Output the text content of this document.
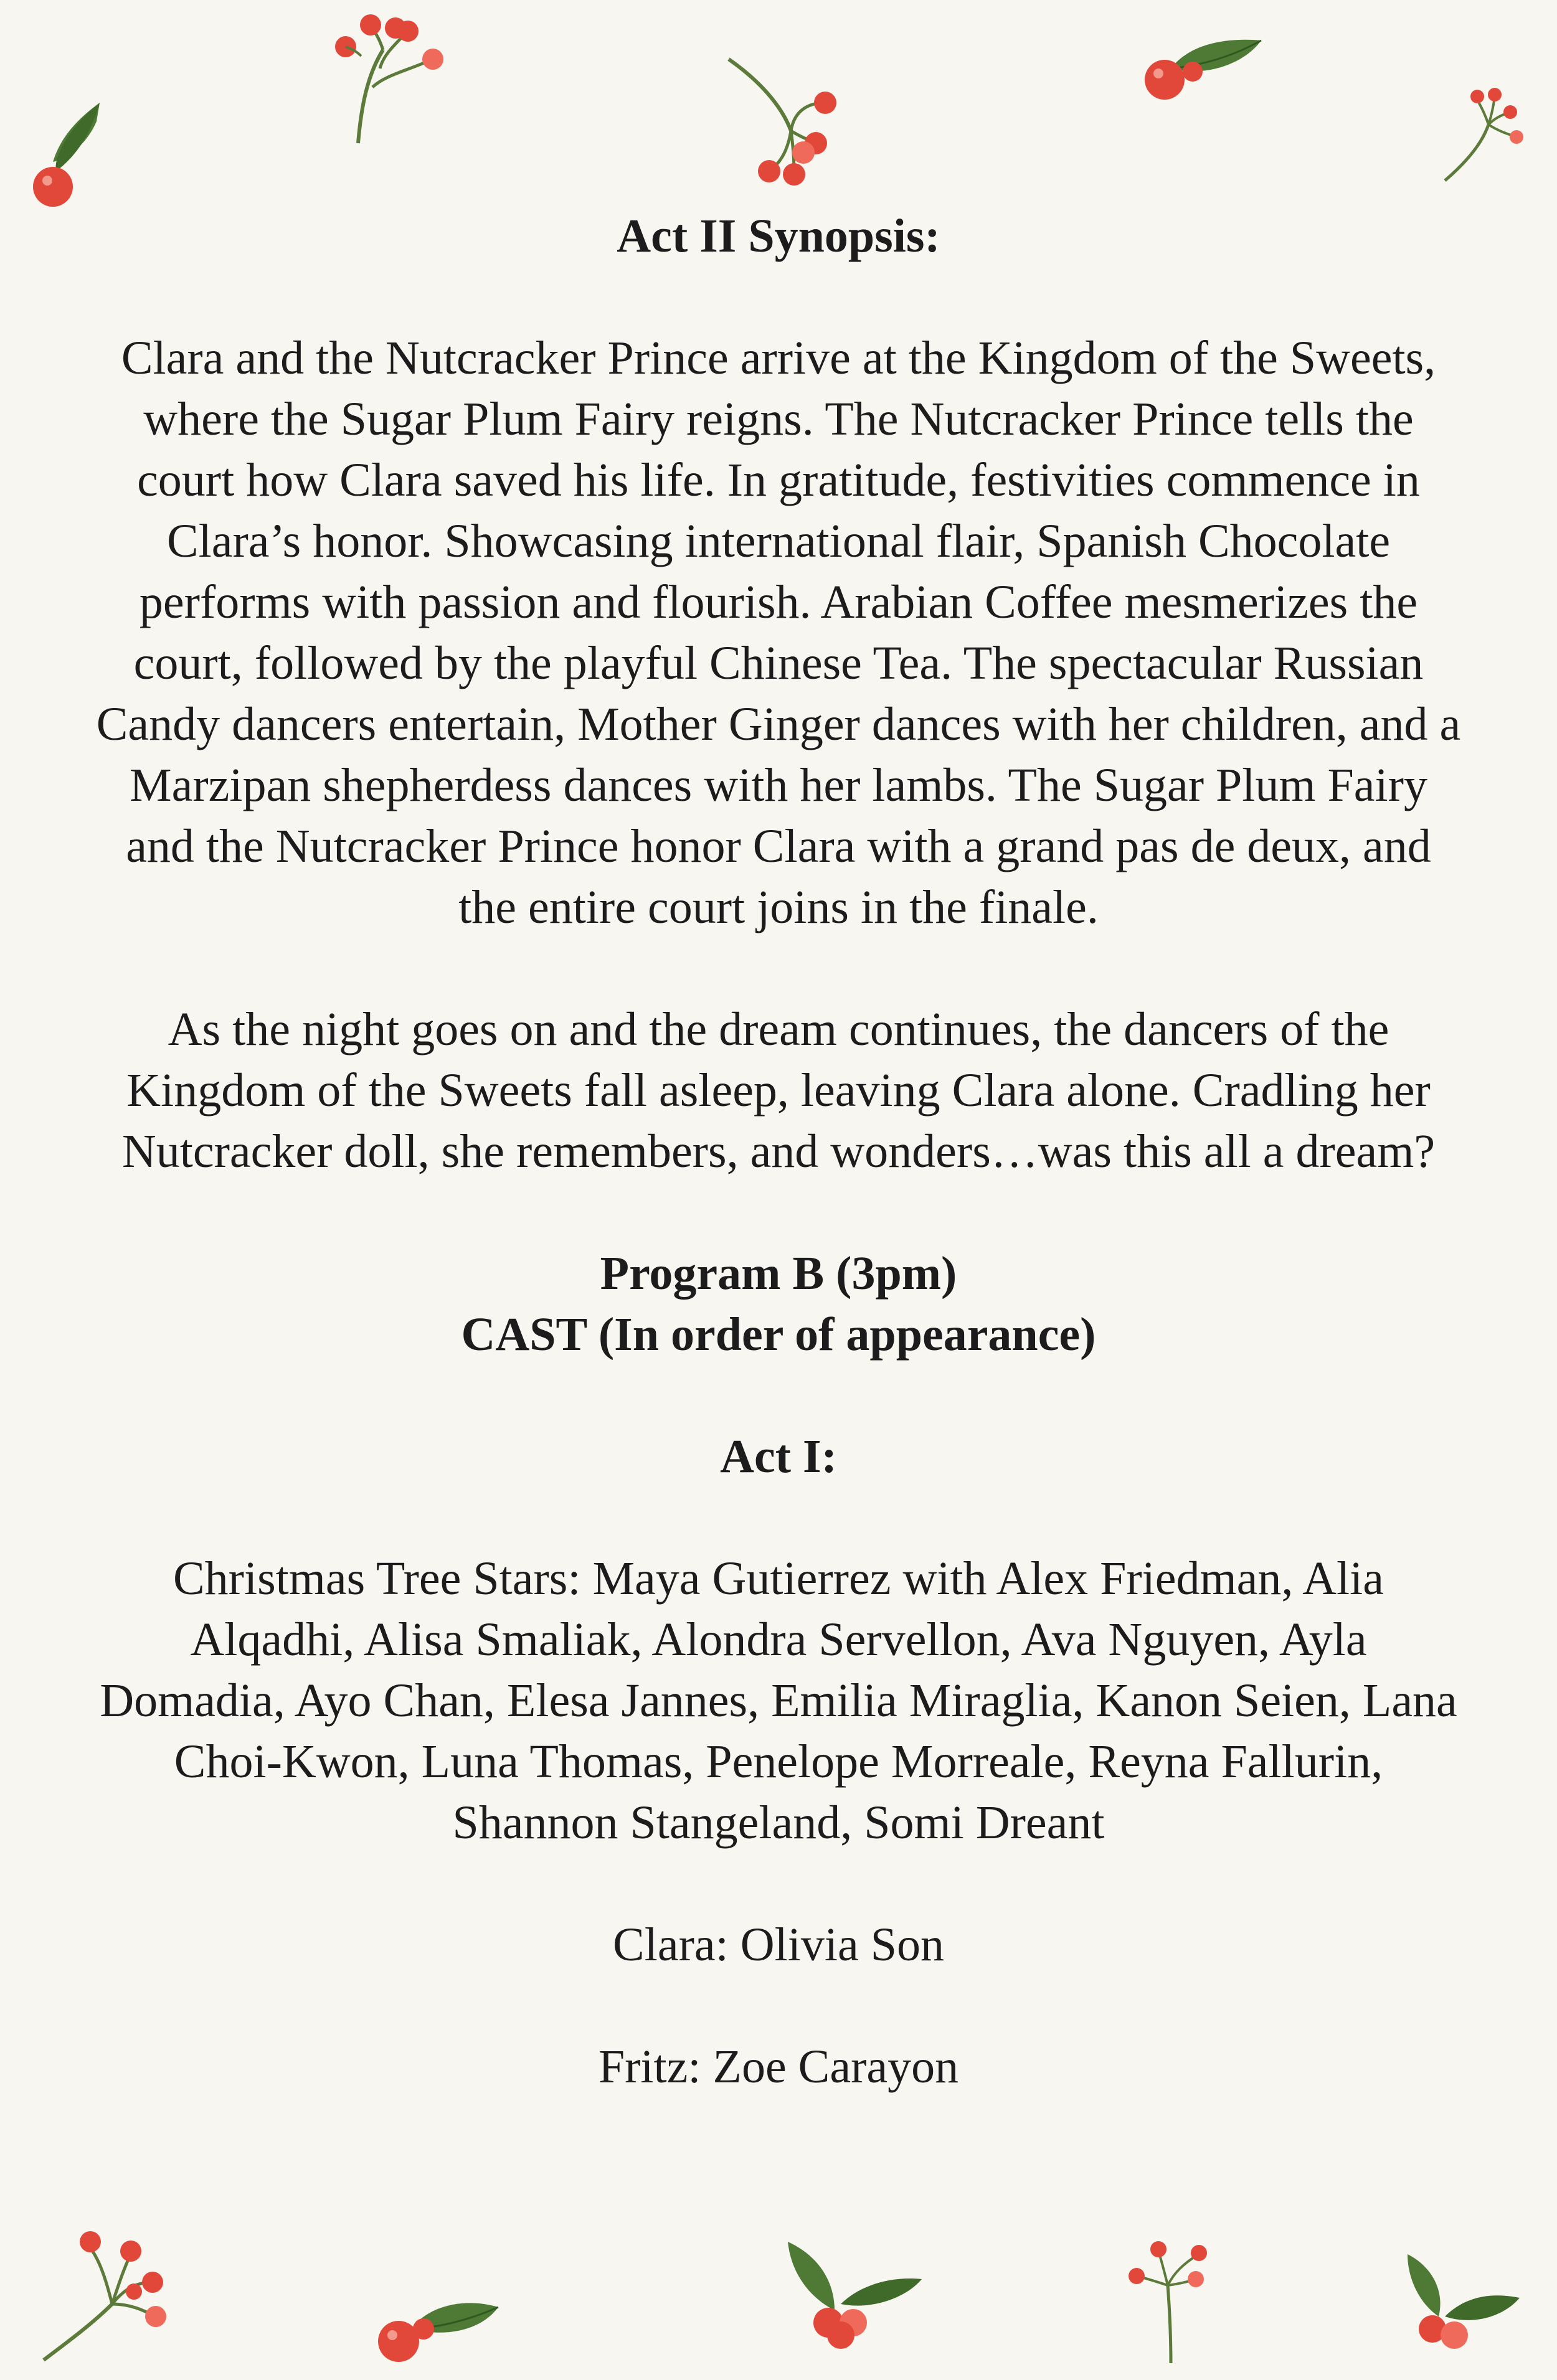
Act II Synopsis:

Clara and the Nutcracker Prince arrive at the Kingdom of the Sweets, where the Sugar Plum Fairy reigns. The Nutcracker Prince tells the court how Clara saved his life. In gratitude, festivities commence in Clara’s honor. Showcasing international flair, Spanish Chocolate performs with passion and flourish. Arabian Coffee mesmerizes the court, followed by the playful Chinese Tea. The spectacular Russian Candy dancers entertain, Mother Ginger dances with her children, and a Marzipan shepherdess dances with her lambs. The Sugar Plum Fairy and the Nutcracker Prince honor Clara with a grand pas de deux, and the entire court joins in the finale.

As the night goes on and the dream continues, the dancers of the Kingdom of the Sweets fall asleep, leaving Clara alone. Cradling her Nutcracker doll, she remembers, and wonders…was this all a dream?

Program B (3pm)

CAST (In order of appearance)

Act I:

Christmas Tree Stars: Maya Gutierrez with Alex Friedman, Alia Alqadhi, Alisa Smaliak, Alondra Servellon, Ava Nguyen, Ayla Domadia, Ayo Chan, Elesa Jannes, Emilia Miraglia, Kanon Seien, Lana Choi-Kwon, Luna Thomas, Penelope Morreale, Reyna Fallurin, Shannon Stangeland, Somi Dreant

Clara: Olivia Son

Fritz: Zoe Carayon
